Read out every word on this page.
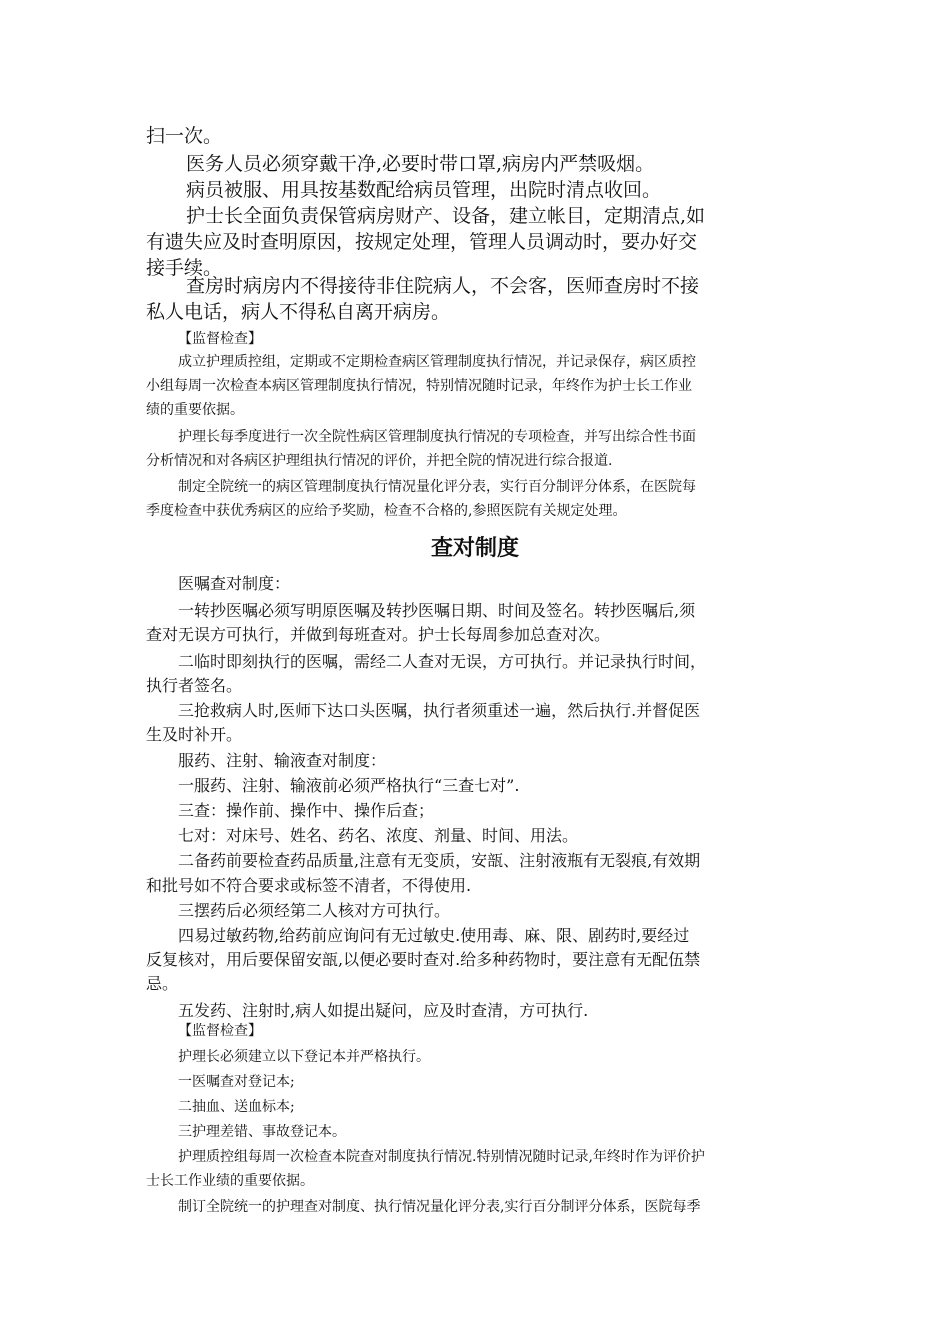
扫一次。

医务人员必须穿戴干净,必要时带口罩,病房内严禁吸烟。

病员被服、用具按基数配给病员管理，出院时清点收回。

护士长全面负责保管病房财产、设备，建立帐目，定期清点,如

有遗失应及时查明原因，按规定处理，管理人员调动时，要办好交

接手续。

查房时病房内不得接待非住院病人，不会客，医师查房时不接

私人电话，病人不得私自离开病房。

【监督检查】

成立护理质控组，定期或不定期检查病区管理制度执行情况，并记录保存，病区质控

小组每周一次检查本病区管理制度执行情况，特别情况随时记录，年终作为护士长工作业

绩的重要依据。

护理长每季度进行一次全院性病区管理制度执行情况的专项检查，并写出综合性书面

分析情况和对各病区护理组执行情况的评价，并把全院的情况进行综合报道.

制定全院统一的病区管理制度执行情况量化评分表，实行百分制评分体系，在医院每

季度检查中获优秀病区的应给予奖励，检查不合格的,参照医院有关规定处理。

查对制度

医嘱查对制度：

一转抄医嘱必须写明原医嘱及转抄医嘱日期、时间及签名。转抄医嘱后,须

查对无误方可执行，并做到每班查对。护士长每周参加总查对次。

二临时即刻执行的医嘱，需经二人查对无误，方可执行。并记录执行时间，

执行者签名。

三抢救病人时,医师下达口头医嘱，执行者须重述一遍，然后执行.并督促医

生及时补开。

服药、注射、输液查对制度：

一服药、注射、输液前必须严格执行“三查七对”.

三查：操作前、操作中、操作后查；

七对：对床号、姓名、药名、浓度、剂量、时间、用法。

二备药前要检查药品质量,注意有无变质，安瓿、注射液瓶有无裂痕,有效期

和批号如不符合要求或标签不清者，不得使用.

三摆药后必须经第二人核对方可执行。

四易过敏药物,给药前应询问有无过敏史.使用毒、麻、限、剧药时,要经过

反复核对，用后要保留安瓿,以便必要时查对.给多种药物时，要注意有无配伍禁

忌。

五发药、注射时,病人如提出疑问，应及时查清，方可执行.

【监督检查】

护理长必须建立以下登记本并严格执行。

一医嘱查对登记本;

二抽血、送血标本;

三护理差错、事故登记本。

护理质控组每周一次检查本院查对制度执行情况.特别情况随时记录,年终时作为评价护

士长工作业绩的重要依据。

制订全院统一的护理查对制度、执行情况量化评分表,实行百分制评分体系，医院每季
